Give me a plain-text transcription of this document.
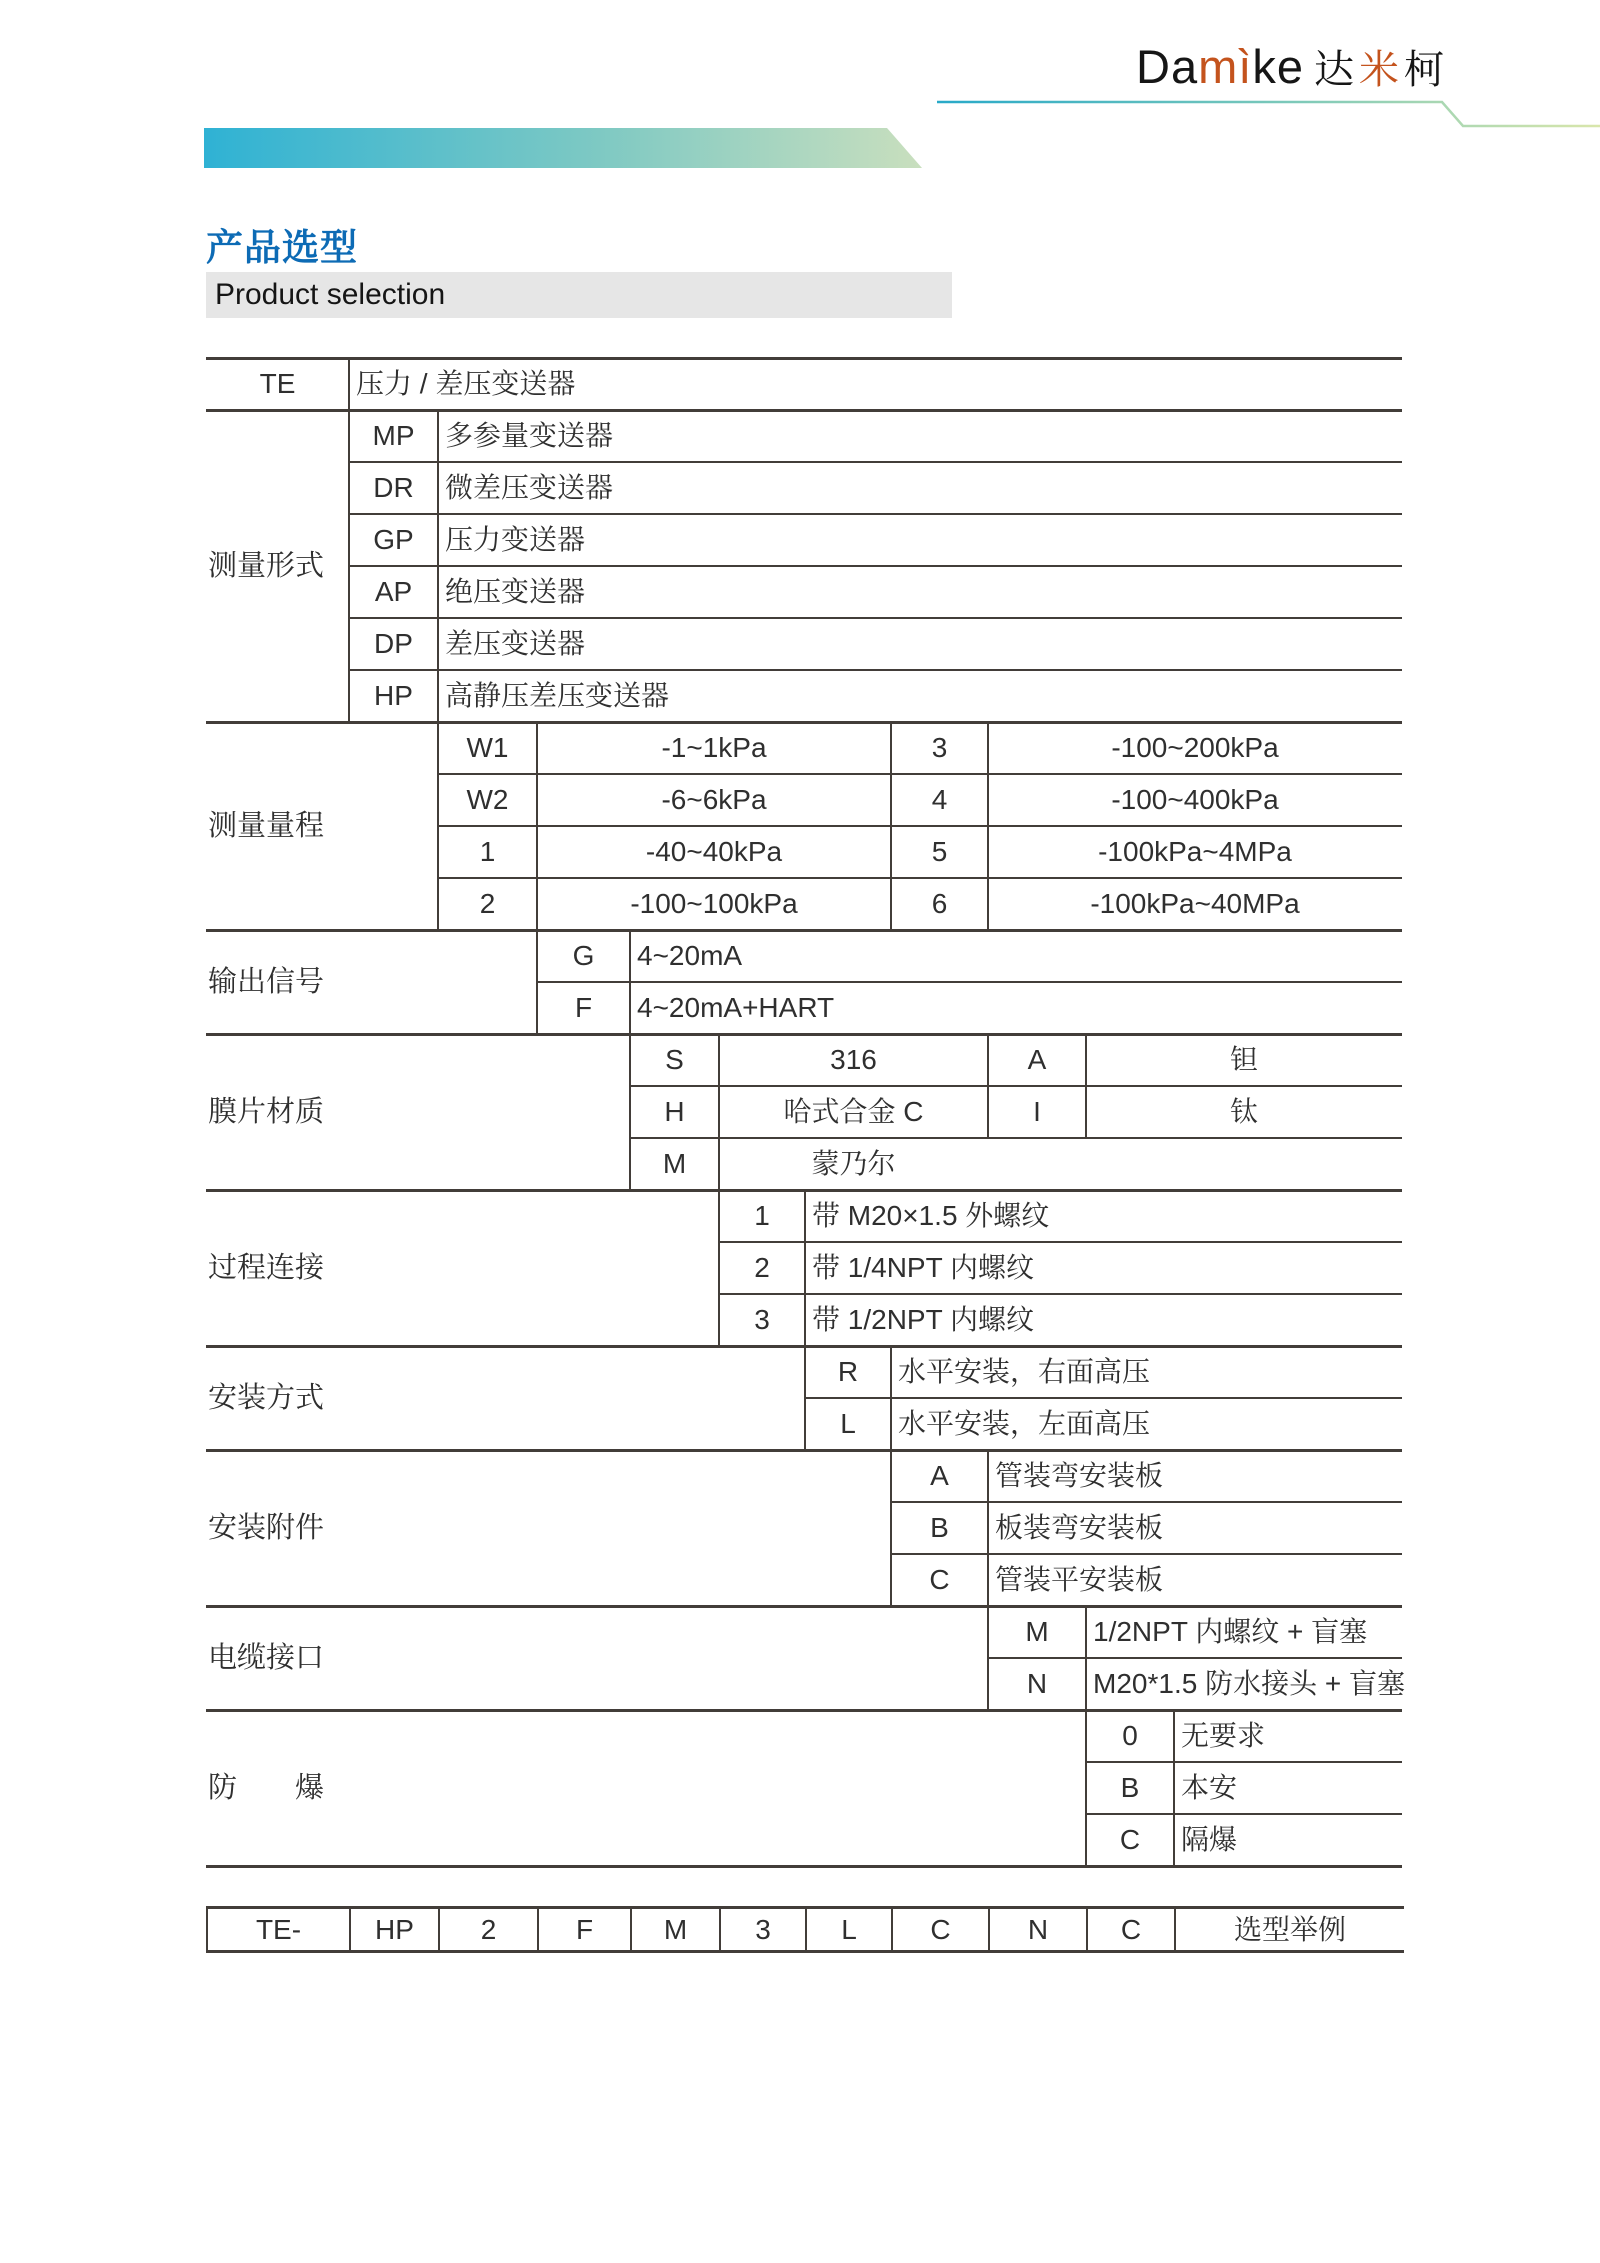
Damìke 达米柯
产品选型
Product selection
TE	压力 / 差压变送器
测量形式
MP	多参量变送器
DR	微差压变送器
GP	压力变送器
AP	绝压变送器
DP	差压变送器
HP	高静压差压变送器
测量量程
W1	-1~1kPa	3	-100~200kPa
W2	-6~6kPa	4	-100~400kPa
1	-40~40kPa	5	-100kPa~4MPa
2	-100~100kPa	6	-100kPa~40MPa
输出信号
G	4~20mA
F	4~20mA+HART
膜片材质
S	316	A	钽
H	哈式合金 C	I	钛
M	蒙乃尔
过程连接
1	带 M20×1.5 外螺纹
2	带 1/4NPT 内螺纹
3	带 1/2NPT 内螺纹
安装方式
R	水平安装，右面高压
L	水平安装，左面高压
安装附件
A	管装弯安装板
B	板装弯安装板
C	管装平安装板
电缆接口
M	1/2NPT 内螺纹 + 盲塞
N	M20*1.5 防水接头 + 盲塞
防　　爆
0	无要求
B	本安
C	隔爆
TE-	HP	2	F	M	3	L	C	N	C	选型举例
